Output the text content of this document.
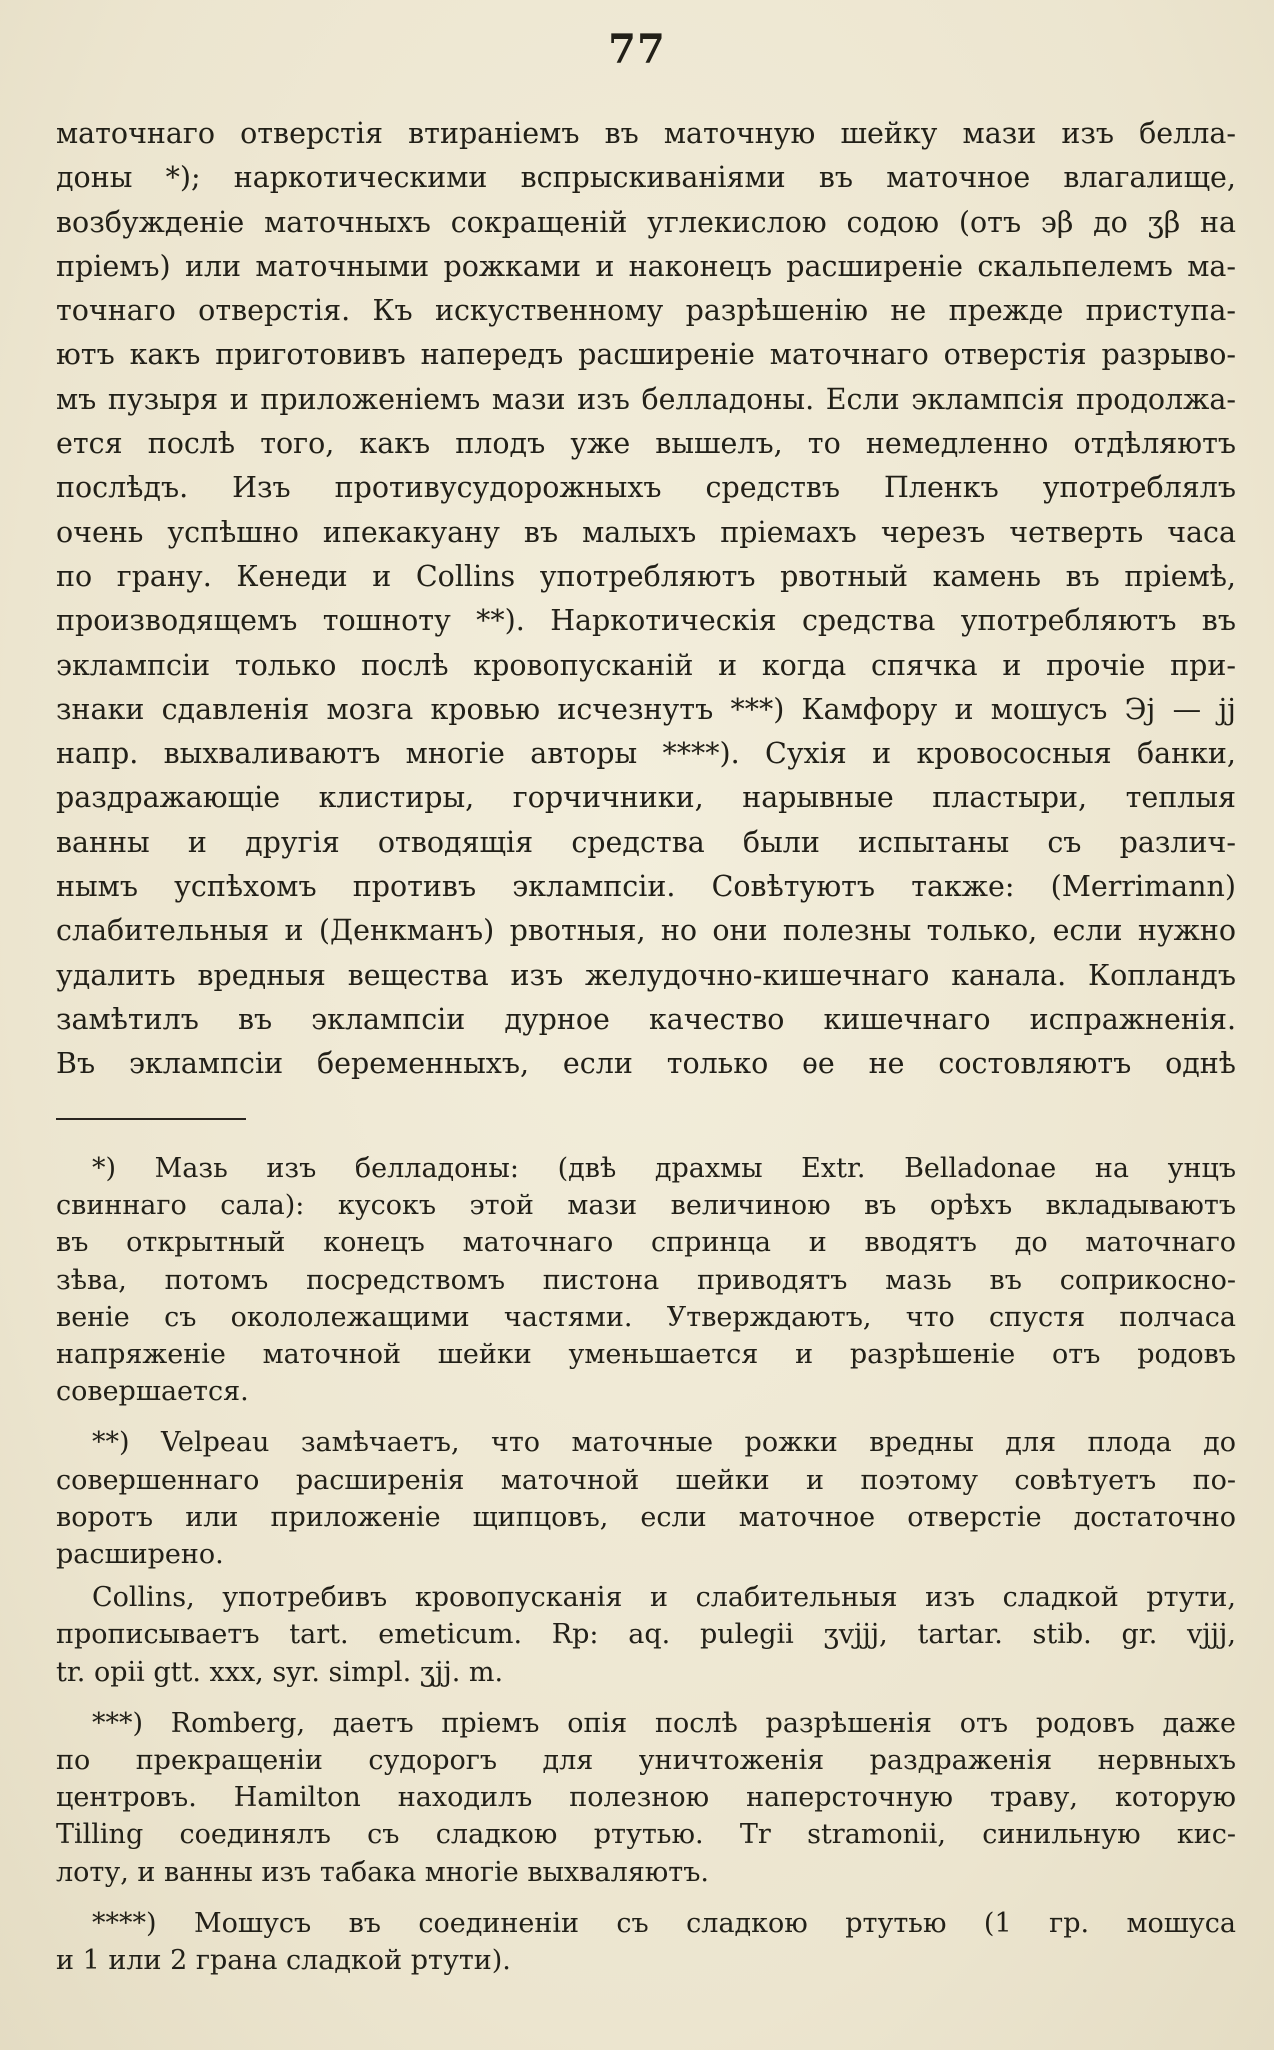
77
маточнаго отверстія втираніемъ въ маточную шейку мази изъ белла-
доны *); наркотическими вспрыскиваніями въ маточное влагалище,
возбужденіе маточныхъ сокращеній углекислою содою (отъ эβ до ʒβ на
пріемъ) или маточными рожками и наконецъ расширеніе скальпелемъ ма-
точнаго отверстія. Къ искуственному разрѣшенію не прежде приступа-
ютъ какъ приготовивъ напередъ расширеніе маточнаго отверстія разрыво-
мъ пузыря и приложеніемъ мази изъ белладоны. Если эклампсія продолжа-
ется послѣ того, какъ плодъ уже вышелъ, то немедленно отдѣляютъ
послѣдъ. Изъ противусудорожныхъ средствъ Пленкъ употреблялъ
очень успѣшно ипекакуану въ малыхъ пріемахъ черезъ четверть часа
по грану. Кенеди и Collins употребляютъ рвотный камень въ пріемѣ,
производящемъ тошноту **). Наркотическія средства употребляютъ въ
эклампсіи только послѣ кровопусканій и когда спячка и прочіе при-
знаки сдавленія мозга кровью исчезнутъ ***) Камфору и мошусъ Эj — jj
напр. выхваливаютъ многіе авторы ****). Сухія и кровососныя банки,
раздражающіе клистиры, горчичники, нарывные пластыри, теплыя
ванны и другія отводящія средства были испытаны съ различ-
нымъ успѣхомъ противъ эклампсіи. Совѣтуютъ также: (Merrimann)
слабительныя и (Денкманъ) рвотныя, но они полезны только, если нужно
удалить вредныя вещества изъ желудочно-кишечнаго канала. Копландъ
замѣтилъ въ эклампсіи дурное качество кишечнаго испражненія.
Въ эклампсіи беременныхъ, если только ѳе не состовляютъ однѣ
*) Мазь изъ белладоны: (двѣ драхмы Extr. Belladonae на унцъ
свиннаго сала): кусокъ этой мази величиною въ орѣхъ вкладываютъ
въ открытный конецъ маточнаго спринца и вводятъ до маточнаго
зѣва, потомъ посредствомъ пистона приводятъ мазь въ соприкосно-
веніе съ окололежащими частями. Утверждаютъ, что спустя полчаса
напряженіе маточной шейки уменьшается и разрѣшеніе отъ родовъ
совершается.
**) Velpeau замѣчаетъ, что маточные рожки вредны для плода до
совершеннаго расширенія маточной шейки и поэтому совѣтуетъ по-
воротъ или приложеніе щипцовъ, если маточное отверстіе достаточно
расширено.
Collins, употребивъ кровопусканія и слабительныя изъ сладкой ртути,
прописываетъ tart. emeticum. Rp: aq. pulegii ʒvjjj, tartar. stib. gr. vjjj,
tr. opii gtt. xxx, syr. simpl. ʒjj. m.
***) Romberg, даетъ пріемъ опія послѣ разрѣшенія отъ родовъ даже
по прекращеніи судорогъ для уничтоженія раздраженія нервныхъ
центровъ. Hamilton находилъ полезною наперсточную траву, которую
Tilling соединялъ съ сладкою ртутью. Tr stramonii, синильную кис-
лоту, и ванны изъ табака многіе выхваляютъ.
****) Мошусъ въ соединеніи съ сладкою ртутью (1 гр. мошуса
и 1 или 2 грана сладкой ртути).
